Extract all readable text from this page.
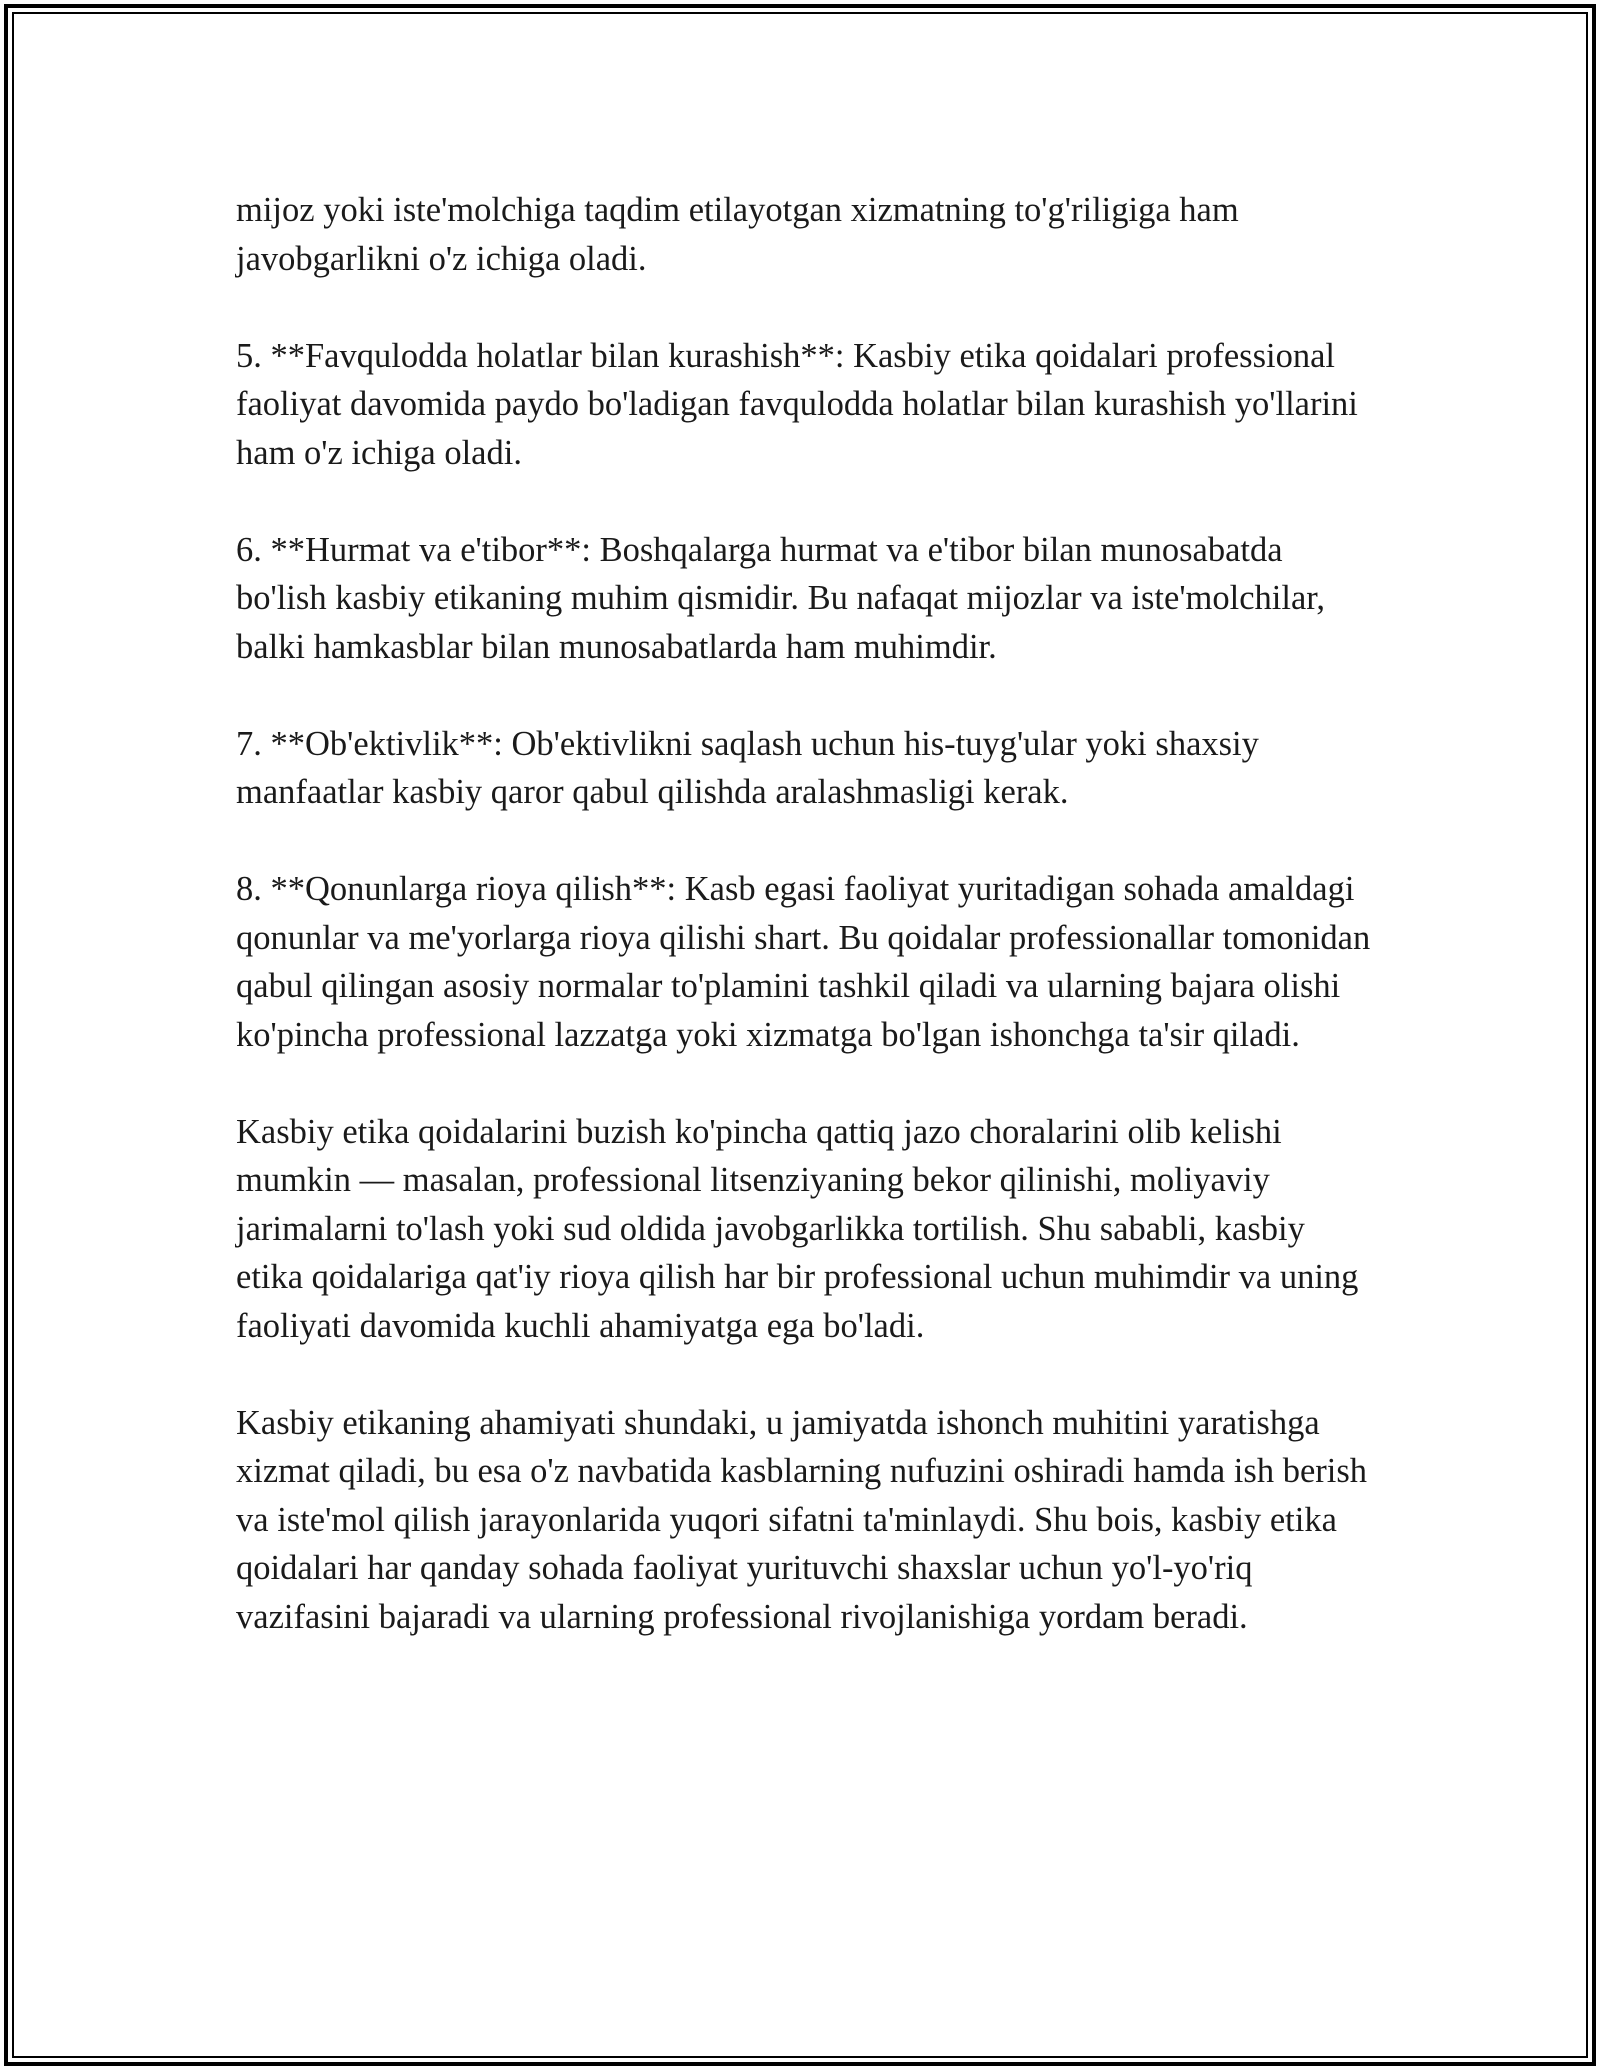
mijoz yoki iste'molchiga taqdim etilayotgan xizmatning to'g'riligiga ham javobgarlikni o'z ichiga oladi.

5. **Favqulodda holatlar bilan kurashish**: Kasbiy etika qoidalari professional faoliyat davomida paydo bo'ladigan favqulodda holatlar bilan kurashish yo'llarini ham o'z ichiga oladi.

6. **Hurmat va e'tibor**: Boshqalarga hurmat va e'tibor bilan munosabatda bo'lish kasbiy etikaning muhim qismidir. Bu nafaqat mijozlar va iste'molchilar, balki hamkasblar bilan munosabatlarda ham muhimdir.

7. **Ob'ektivlik**: Ob'ektivlikni saqlash uchun his-tuyg'ular yoki shaxsiy manfaatlar kasbiy qaror qabul qilishda aralashmasligi kerak.

8. **Qonunlarga rioya qilish**: Kasb egasi faoliyat yuritadigan sohada amaldagi qonunlar va me'yorlarga rioya qilishi shart. Bu qoidalar professionallar tomonidan qabul qilingan asosiy normalar to'plamini tashkil qiladi va ularning bajara olishi ko'pincha professional lazzatga yoki xizmatga bo'lgan ishonchga ta'sir qiladi.

Kasbiy etika qoidalarini buzish ko'pincha qattiq jazo choralarini olib kelishi mumkin — masalan, professional litsenziyaning bekor qilinishi, moliyaviy jarimalarni to'lash yoki sud oldida javobgarlikka tortilish. Shu sababli, kasbiy etika qoidalariga qat'iy rioya qilish har bir professional uchun muhimdir va uning faoliyati davomida kuchli ahamiyatga ega bo'ladi.

Kasbiy etikaning ahamiyati shundaki, u jamiyatda ishonch muhitini yaratishga xizmat qiladi, bu esa o'z navbatida kasblarning nufuzini oshiradi hamda ish berish va iste'mol qilish jarayonlarida yuqori sifatni ta'minlaydi. Shu bois, kasbiy etika qoidalari har qanday sohada faoliyat yurituvchi shaxslar uchun yo'l-yo'riq vazifasini bajaradi va ularning professional rivojlanishiga yordam beradi.
